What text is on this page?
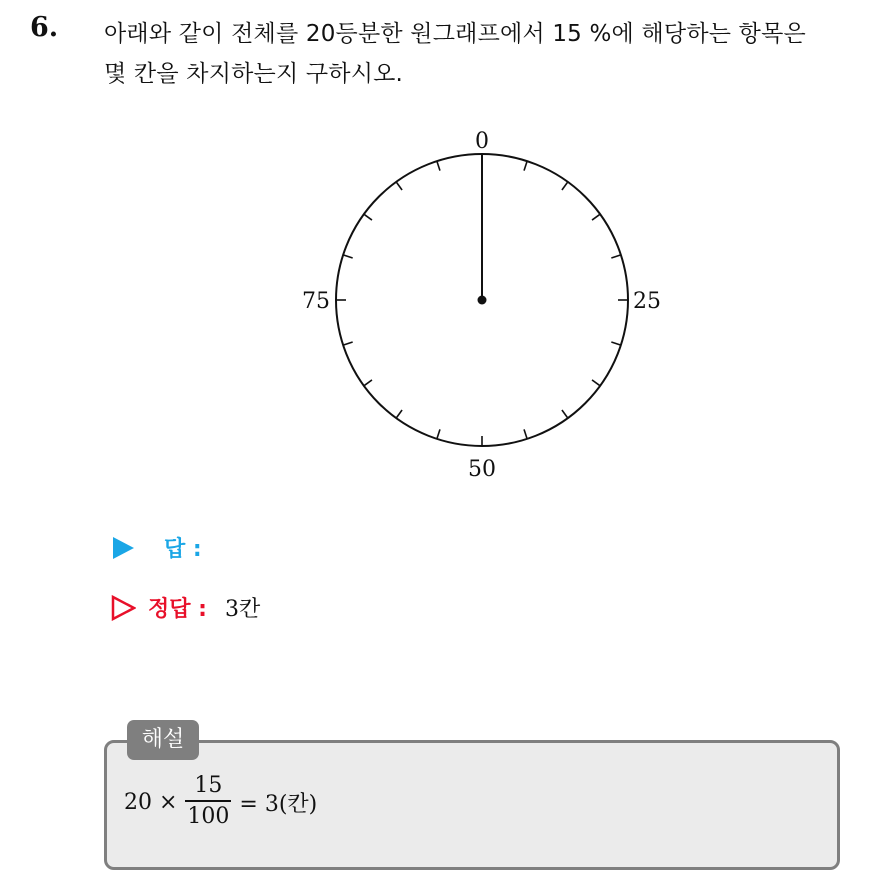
6. 아래와 같이 전체를 20등분한 원그래프에서 15 %에 해당하는 항목은
몇 칸을 차지하는지 구하시오.
0
25
50
75
답 :
정답 : 3칸
해설
$20 \times \frac{15}{100} = 3$(칸)
